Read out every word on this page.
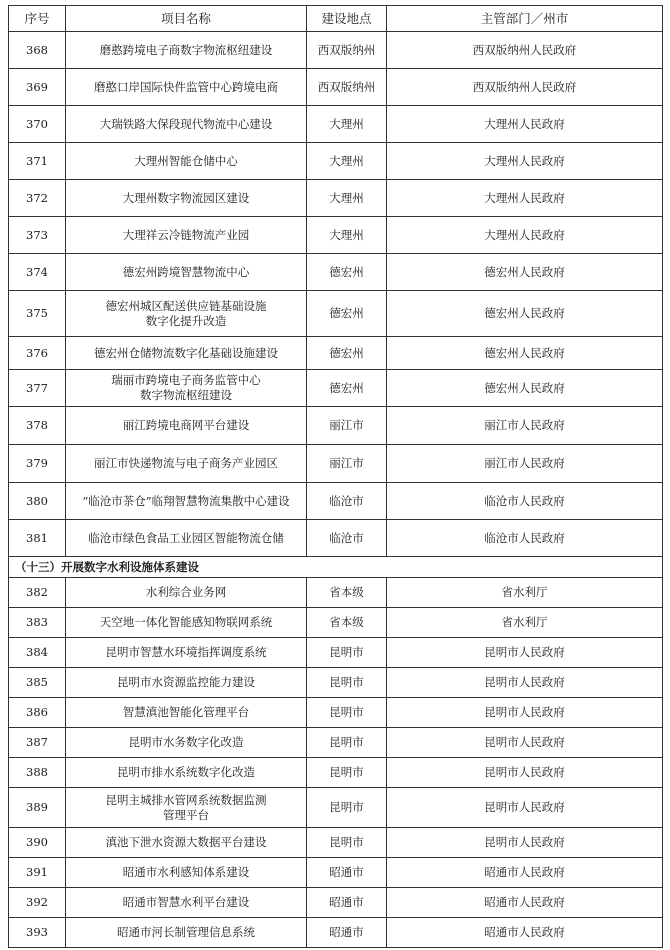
序号	项目名称	建设地点	主管部门／州市
368	磨憨跨境电子商数字物流枢纽建设	西双版纳州	西双版纳州人民政府
369	磨憨口岸国际快件监管中心跨境电商	西双版纳州	西双版纳州人民政府
370	大瑞铁路大保段现代物流中心建设	大理州	大理州人民政府
371	大理州智能仓储中心	大理州	大理州人民政府
372	大理州数字物流园区建设	大理州	大理州人民政府
373	大理祥云冷链物流产业园	大理州	大理州人民政府
374	德宏州跨境智慧物流中心	德宏州	德宏州人民政府
375	德宏州城区配送供应链基础设施
数字化提升改造	德宏州	德宏州人民政府
376	德宏州仓储物流数字化基础设施建设	德宏州	德宏州人民政府
377	瑞丽市跨境电子商务监管中心
数字物流枢纽建设	德宏州	德宏州人民政府
378	丽江跨境电商网平台建设	丽江市	丽江市人民政府
379	丽江市快递物流与电子商务产业园区	丽江市	丽江市人民政府
380	“临沧市茶仓”临翔智慧物流集散中心建设	临沧市	临沧市人民政府
381	临沧市绿色食品工业园区智能物流仓储	临沧市	临沧市人民政府
（十三）开展数字水利设施体系建设			
382	水利综合业务网	省本级	省水利厅
383	天空地一体化智能感知物联网系统	省本级	省水利厅
384	昆明市智慧水环境指挥调度系统	昆明市	昆明市人民政府
385	昆明市水资源监控能力建设	昆明市	昆明市人民政府
386	智慧滇池智能化管理平台	昆明市	昆明市人民政府
387	昆明市水务数字化改造	昆明市	昆明市人民政府
388	昆明市排水系统数字化改造	昆明市	昆明市人民政府
389	昆明主城排水管网系统数据监测
管理平台	昆明市	昆明市人民政府
390	滇池下泄水资源大数据平台建设	昆明市	昆明市人民政府
391	昭通市水利感知体系建设	昭通市	昭通市人民政府
392	昭通市智慧水利平台建设	昭通市	昭通市人民政府
393	昭通市河长制管理信息系统	昭通市	昭通市人民政府
